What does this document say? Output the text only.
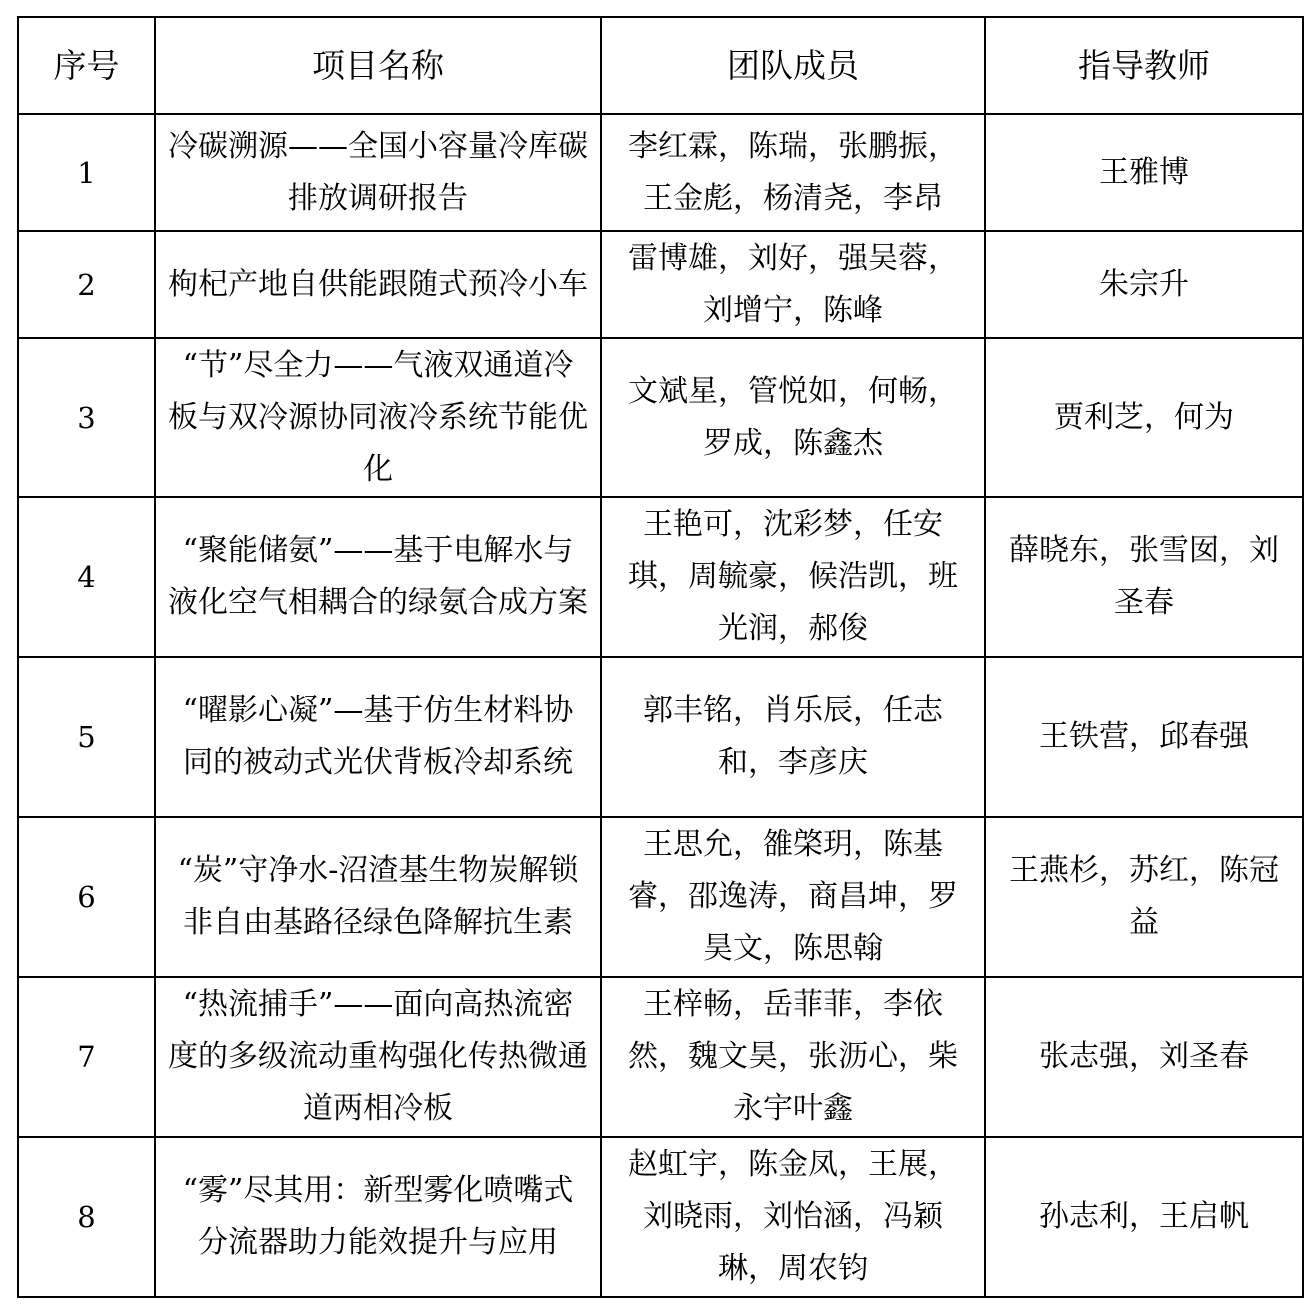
序号	项目名称	团队成员	指导教师
1	冷碳溯源——全国小容量冷库碳排放调研报告	李红霖，陈瑞，张鹏振，王金彪，杨清尧，李昂	王雅博
2	枸杞产地自供能跟随式预冷小车	雷博雄，刘好，强吴蓉，刘增宁，陈峰	朱宗升
3	“节”尽全力——气液双通道冷板与双冷源协同液冷系统节能优化	文斌星，管悦如，何畅，罗成，陈鑫杰	贾利芝，何为
4	“聚能储氨”——基于电解水与液化空气相耦合的绿氨合成方案	王艳可，沈彩梦，任安琪，周毓豪，候浩凯，班光润，郝俊	薛晓东，张雪囡，刘圣春
5	“曜影心凝”—基于仿生材料协同的被动式光伏背板冷却系统	郭丰铭，肖乐辰，任志和，李彦庆	王铁营，邱春强
6	“炭”守净水-沼渣基生物炭解锁非自由基路径绿色降解抗生素	王思允，雒棨玥，陈基睿，邵逸涛，商昌坤，罗昊文，陈思翰	王燕杉，苏红，陈冠益
7	“热流捕手”——面向高热流密度的多级流动重构强化传热微通道两相冷板	王梓畅，岳菲菲，李依然，魏文昊，张沥心，柴永宇叶鑫	张志强，刘圣春
8	“雾”尽其用：新型雾化喷嘴式分流器助力能效提升与应用	赵虹宇，陈金凤，王展，刘晓雨，刘怡涵，冯颖琳，周农钧	孙志利，王启帆
